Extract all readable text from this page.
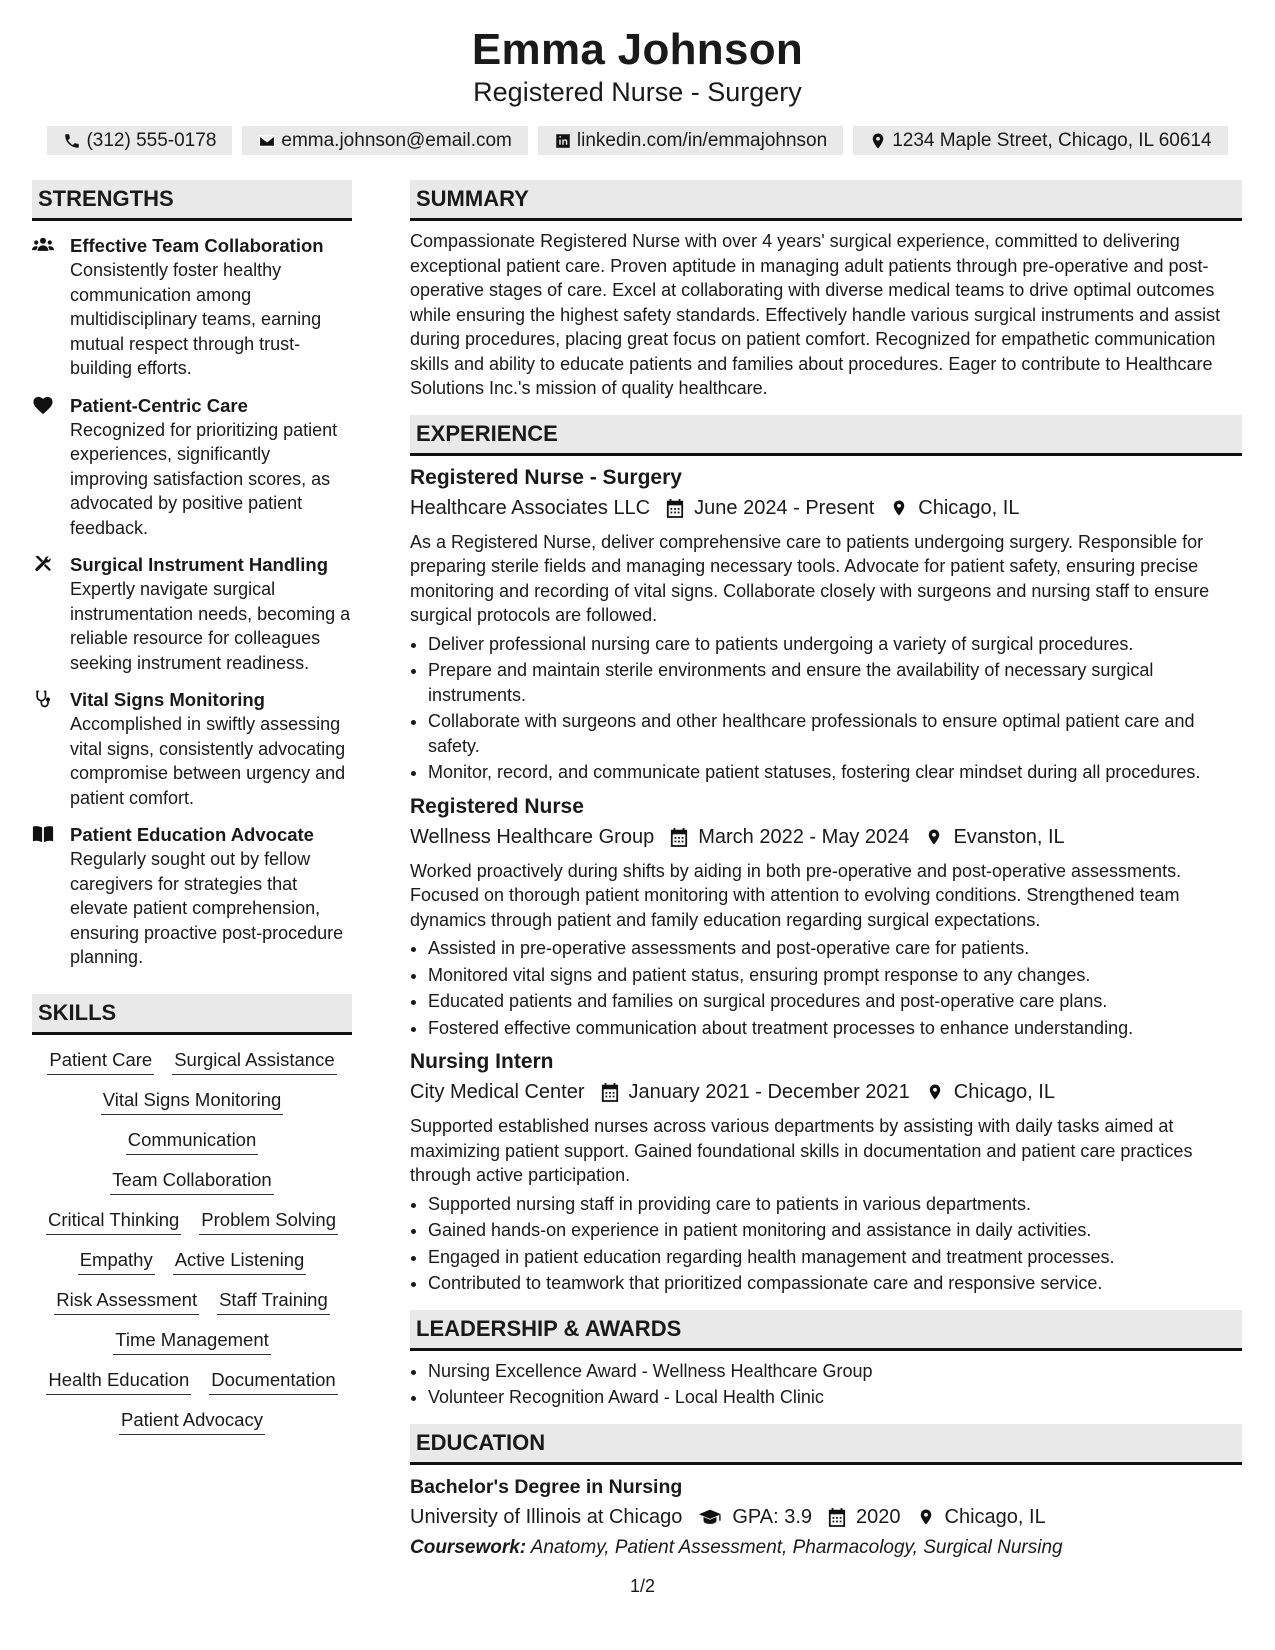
Emma Johnson
Registered Nurse - Surgery
(312) 555-0178	emma.johnson@email.com	linkedin.com/in/emmajohnson	1234 Maple Street, Chicago, IL 60614
STRENGTHS
Effective Team Collaboration
Consistently foster healthy communication among multidisciplinary teams, earning mutual respect through trust-building efforts.
Patient-Centric Care
Recognized for prioritizing patient experiences, significantly improving satisfaction scores, as advocated by positive patient feedback.
Surgical Instrument Handling
Expertly navigate surgical instrumentation needs, becoming a reliable resource for colleagues seeking instrument readiness.
Vital Signs Monitoring
Accomplished in swiftly assessing vital signs, consistently advocating compromise between urgency and patient comfort.
Patient Education Advocate
Regularly sought out by fellow caregivers for strategies that elevate patient comprehension, ensuring proactive post-procedure planning.
SKILLS
Patient Care Surgical Assistance
Vital Signs Monitoring
Communication
Team Collaboration
Critical Thinking Problem Solving
Empathy Active Listening
Risk Assessment Staff Training
Time Management
Health Education Documentation
Patient Advocacy
SUMMARY
Compassionate Registered Nurse with over 4 years' surgical experience, committed to delivering exceptional patient care. Proven aptitude in managing adult patients through pre-operative and post-operative stages of care. Excel at collaborating with diverse medical teams to drive optimal outcomes while ensuring the highest safety standards. Effectively handle various surgical instruments and assist during procedures, placing great focus on patient comfort. Recognized for empathetic communication skills and ability to educate patients and families about procedures. Eager to contribute to Healthcare Solutions Inc.'s mission of quality healthcare.
EXPERIENCE
Registered Nurse - Surgery
Healthcare Associates LLC June 2024 - Present Chicago, IL
As a Registered Nurse, deliver comprehensive care to patients undergoing surgery. Responsible for preparing sterile fields and managing necessary tools. Advocate for patient safety, ensuring precise monitoring and recording of vital signs. Collaborate closely with surgeons and nursing staff to ensure surgical protocols are followed.
• Deliver professional nursing care to patients undergoing a variety of surgical procedures.
• Prepare and maintain sterile environments and ensure the availability of necessary surgical instruments.
• Collaborate with surgeons and other healthcare professionals to ensure optimal patient care and safety.
• Monitor, record, and communicate patient statuses, fostering clear mindset during all procedures.
Registered Nurse
Wellness Healthcare Group March 2022 - May 2024 Evanston, IL
Worked proactively during shifts by aiding in both pre-operative and post-operative assessments. Focused on thorough patient monitoring with attention to evolving conditions. Strengthened team dynamics through patient and family education regarding surgical expectations.
• Assisted in pre-operative assessments and post-operative care for patients.
• Monitored vital signs and patient status, ensuring prompt response to any changes.
• Educated patients and families on surgical procedures and post-operative care plans.
• Fostered effective communication about treatment processes to enhance understanding.
Nursing Intern
City Medical Center January 2021 - December 2021 Chicago, IL
Supported established nurses across various departments by assisting with daily tasks aimed at maximizing patient support. Gained foundational skills in documentation and patient care practices through active participation.
• Supported nursing staff in providing care to patients in various departments.
• Gained hands-on experience in patient monitoring and assistance in daily activities.
• Engaged in patient education regarding health management and treatment processes.
• Contributed to teamwork that prioritized compassionate care and responsive service.
LEADERSHIP & AWARDS
• Nursing Excellence Award - Wellness Healthcare Group
• Volunteer Recognition Award - Local Health Clinic
EDUCATION
Bachelor's Degree in Nursing
University of Illinois at Chicago	GPA: 3.9 2020 Chicago, IL
Coursework: Anatomy, Patient Assessment, Pharmacology, Surgical Nursing
1/2
